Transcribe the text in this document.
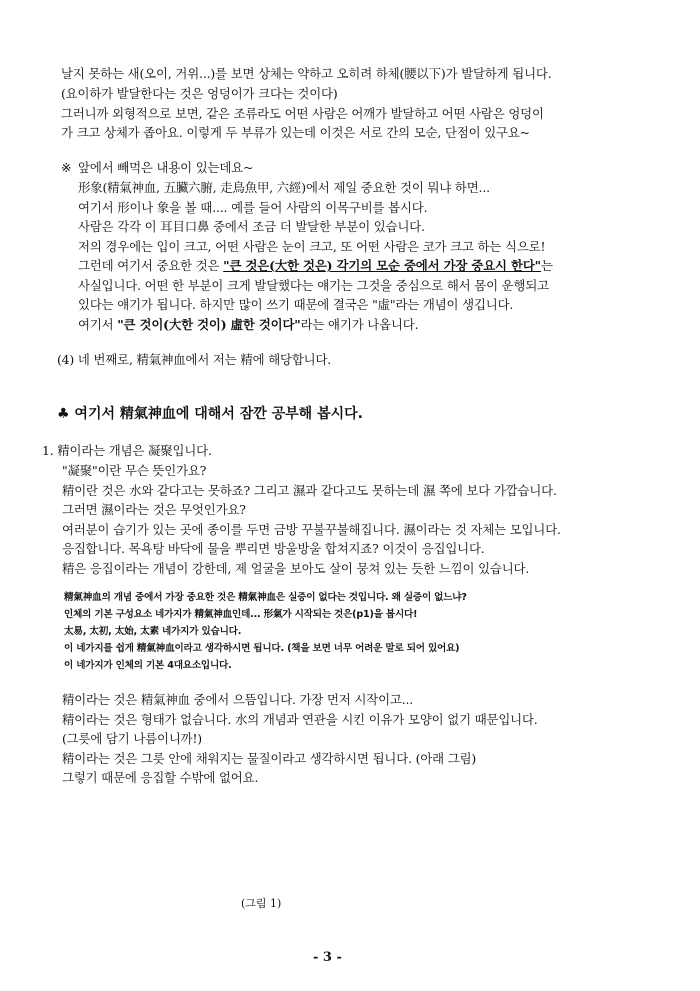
날지 못하는 새(오이, 거위...)를 보면 상체는 약하고 오히려 하체(腰以下)가 발달하게 됩니다.
(요이하가 발달한다는 것은 엉덩이가 크다는 것이다)
그러니까 외형적으로 보면, 같은 조류라도 어떤 사람은 어깨가 발달하고 어떤 사람은 엉덩이
가 크고 상체가 좁아요. 이렇게 두 부류가 있는데 이것은 서로 간의 모순, 단점이 있구요~
※ 앞에서 빼먹은 내용이 있는데요~
形象(精氣神血, 五臟六腑, 走鳥魚甲, 六經)에서 제일 중요한 것이 뭐냐 하면...
여기서 形이나 象을 볼 때.... 예를 들어 사람의 이목구비를 봅시다.
사람은 각각 이 耳目口鼻 중에서 조금 더 발달한 부분이 있습니다.
저의 경우에는 입이 크고, 어떤 사람은 눈이 크고, 또 어떤 사람은 코가 크고 하는 식으로!
그런데 여기서 중요한 것은 "큰 것은(大한 것은) 각기의 모순 중에서 가장 중요시 한다"는
사실입니다. 어떤 한 부분이 크게 발달했다는 얘기는 그것을 중심으로 해서 몸이 운행되고
있다는 얘기가 됩니다. 하지만 많이 쓰기 때문에 결국은 "虛"라는 개념이 생깁니다.
여기서 "큰 것이(大한 것이) 虛한 것이다"라는 얘기가 나옵니다.
(4) 네 번째로, 精氣神血에서 저는 精에 해당합니다.
♣ 여기서 精氣神血에 대해서 잠깐 공부해 봅시다.
1. 精이라는 개념은 凝聚입니다.
"凝聚"이란 무슨 뜻인가요?
精이란 것은 水와 같다고는 못하죠? 그리고 濕과 같다고도 못하는데 濕 쪽에 보다 가깝습니다.
그러면 濕이라는 것은 무엇인가요?
여러분이 습기가 있는 곳에 종이를 두면 금방 꾸불꾸불해집니다. 濕이라는 것 자체는 모입니다.
응집합니다. 목욕탕 바닥에 물을 뿌리면 방울방울 합쳐지죠? 이것이 응집입니다.
精은 응집이라는 개념이 강한데, 제 얼굴을 보아도 살이 뭉쳐 있는 듯한 느낌이 있습니다.
精氣神血의 개념 중에서 가장 중요한 것은 精氣神血은 실증이 없다는 것입니다. 왜 실증이 없느냐?
인체의 기본 구성요소 네가지가 精氣神血인데... 形氣가 시작되는 것은(p1)을 봅시다!
太易, 太初, 太始, 太素 네가지가 있습니다.
이 네가지를 쉽게 精氣神血이라고 생각하시면 됩니다. (책을 보면 너무 어려운 말로 되어 있어요)
이 네가지가 인체의 기본 4대요소입니다.
精이라는 것은 精氣神血 중에서 으뜸입니다. 가장 먼저 시작이고...
精이라는 것은 형태가 없습니다. 水의 개념과 연관을 시킨 이유가 모양이 없기 때문입니다.
(그릇에 담기 나름이니까!)
精이라는 것은 그릇 안에 채워지는 물질이라고 생각하시면 됩니다. (아래 그림)
그렇기 때문에 응집할 수밖에 없어요.
(그림 1)
- 3 -
